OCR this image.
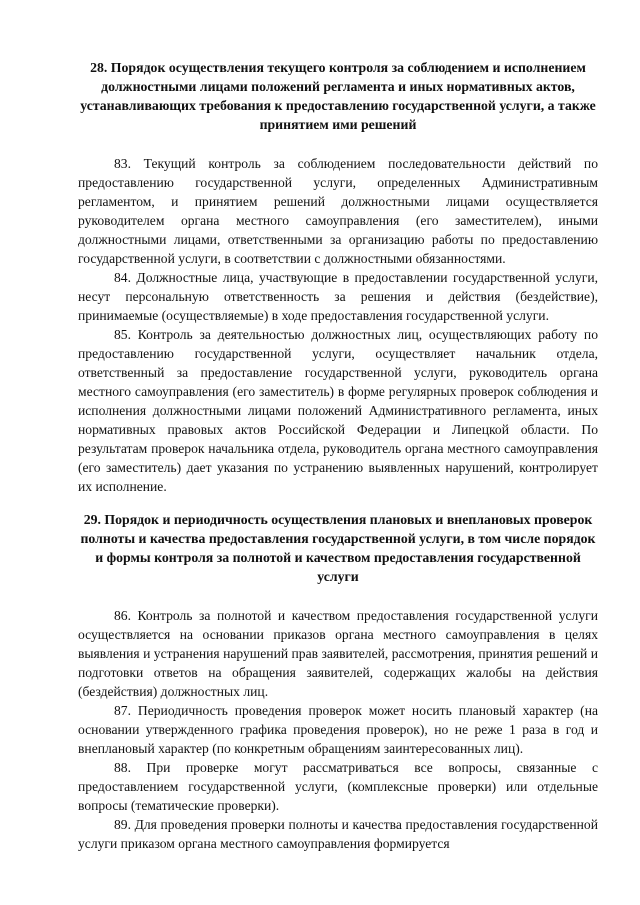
28. Порядок осуществления текущего контроля за соблюдением и исполнением должностными лицами положений регламента и иных нормативных актов, устанавливающих требования к предоставлению государственной услуги, а также принятием ими решений

83. Текущий контроль за соблюдением последовательности действий по предоставлению государственной услуги, определенных Административным регламентом, и принятием решений должностными лицами осуществляется руководителем органа местного самоуправления (его заместителем), иными должностными лицами, ответственными за организацию работы по предоставлению государственной услуги, в соответствии с должностными обязанностями.

84. Должностные лица, участвующие в предоставлении государственной услуги, несут персональную ответственность за решения и действия (бездействие), принимаемые (осуществляемые) в ходе предоставления государственной услуги.

85. Контроль за деятельностью должностных лиц, осуществляющих работу по предоставлению государственной услуги, осуществляет начальник отдела, ответственный за предоставление государственной услуги, руководитель органа местного самоуправления (его заместитель) в форме регулярных проверок соблюдения и исполнения должностными лицами положений Административного регламента, иных нормативных правовых актов Российской Федерации и Липецкой области. По результатам проверок начальника отдела, руководитель органа местного самоуправления (его заместитель) дает указания по устранению выявленных нарушений, контролирует их исполнение.

29. Порядок и периодичность осуществления плановых и внеплановых проверок полноты и качества предоставления государственной услуги, в том числе порядок и формы контроля за полнотой и качеством предоставления государственной услуги

86. Контроль за полнотой и качеством предоставления государственной услуги осуществляется на основании приказов органа местного самоуправления в целях выявления и устранения нарушений прав заявителей, рассмотрения, принятия решений и подготовки ответов на обращения заявителей, содержащих жалобы на действия (бездействия) должностных лиц.

87. Периодичность проведения проверок может носить плановый характер (на основании утвержденного графика проведения проверок), но не реже 1 раза в год и внеплановый характер (по конкретным обращениям заинтересованных лиц).

88. При проверке могут рассматриваться все вопросы, связанные с предоставлением государственной услуги, (комплексные проверки) или отдельные вопросы (тематические проверки).

89. Для проведения проверки полноты и качества предоставления государственной услуги приказом органа местного самоуправления формируется
